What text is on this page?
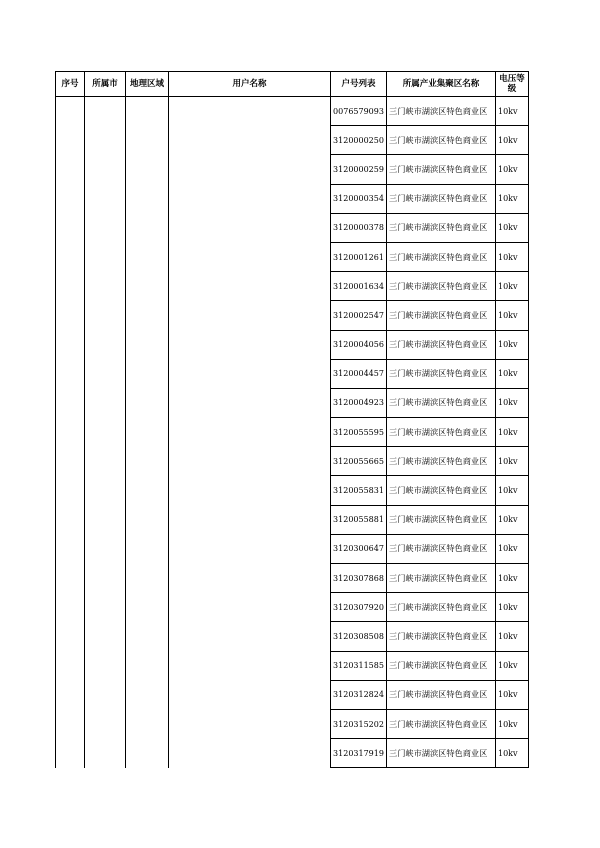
序号	所属市	地理区域	用户名称	户号列表	所属产业集聚区名称	电压等级
				0076579093	三门峡市湖滨区特色商业区	10kv
				3120000250	三门峡市湖滨区特色商业区	10kv
				3120000259	三门峡市湖滨区特色商业区	10kv
				3120000354	三门峡市湖滨区特色商业区	10kv
				3120000378	三门峡市湖滨区特色商业区	10kv
				3120001261	三门峡市湖滨区特色商业区	10kv
				3120001634	三门峡市湖滨区特色商业区	10kv
				3120002547	三门峡市湖滨区特色商业区	10kv
				3120004056	三门峡市湖滨区特色商业区	10kv
				3120004457	三门峡市湖滨区特色商业区	10kv
				3120004923	三门峡市湖滨区特色商业区	10kv
				3120055595	三门峡市湖滨区特色商业区	10kv
				3120055665	三门峡市湖滨区特色商业区	10kv
				3120055831	三门峡市湖滨区特色商业区	10kv
				3120055881	三门峡市湖滨区特色商业区	10kv
				3120300647	三门峡市湖滨区特色商业区	10kv
				3120307868	三门峡市湖滨区特色商业区	10kv
				3120307920	三门峡市湖滨区特色商业区	10kv
				3120308508	三门峡市湖滨区特色商业区	10kv
				3120311585	三门峡市湖滨区特色商业区	10kv
				3120312824	三门峡市湖滨区特色商业区	10kv
				3120315202	三门峡市湖滨区特色商业区	10kv
				3120317919	三门峡市湖滨区特色商业区	10kv
